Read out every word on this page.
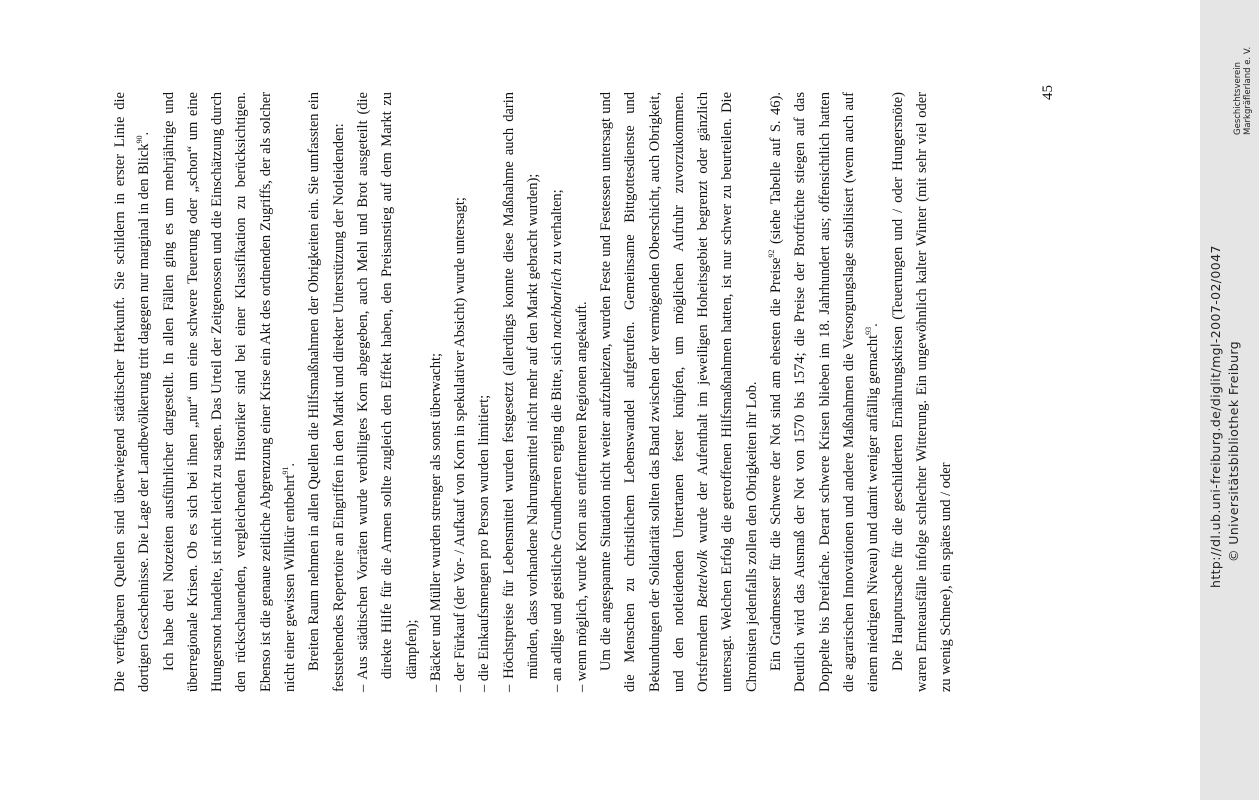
Die verfügbaren Quellen sind überwiegend städtischer Herkunft. Sie schildern in erster Linie die dortigen Geschehnisse. Die Lage der Landbevölkerung tritt dagegen nur marginal in den Blick$^{90}$. Ich habe drei Notzeiten ausführlicher dargestellt. In allen Fällen ging es um mehrjährige und überregionale Krisen. Ob es sich bei ihnen „nur“ um eine schwere Teuerung oder „schon“ um eine Hungersnot handelte, ist nicht leicht zu sagen. Das Urteil der Zeitgenossen und die Einschätzung durch den rückschauenden, vergleichenden Historiker sind bei einer Klassifikation zu berücksichtigen. Ebenso ist die genaue zeitliche Abgrenzung einer Krise ein Akt des ordnenden Zugriffs, der als solcher nicht einer gewissen Willkür entbehrt$^{91}$. Breiten Raum nehmen in allen Quellen die Hilfsmaßnahmen der Obrigkeiten ein. Sie umfassten ein feststehendes Repertoire an Eingriffen in den Markt und direkter Unterstützung der Notleidenden: – Aus städtischen Vorräten wurde verbilligtes Korn abgegeben, auch Mehl und Brot ausgeteilt (die direkte Hilfe für die Armen sollte zugleich den Effekt haben, den Preisanstieg auf dem Markt zu dämpfen); – Bäcker und Müller wurden strenger als sonst überwacht; – der Fürkauf (der Vor- / Aufkauf von Korn in spekulativer Absicht) wurde untersagt; – die Einkaufsmengen pro Person wurden limitiert; – Höchstpreise für Lebensmittel wurden festgesetzt (allerdings konnte diese Maßnahme auch darin münden, dass vorhandene Nahrungsmittel nicht mehr auf den Markt gebracht wurden); – an adlige und geistliche Grundherren erging die Bitte, sich nachbarlich zu verhalten;

– wenn möglich, wurde Korn aus entfernteren Regionen angekauft. Um die angespannte Situation nicht weiter aufzuheizen, wurden Feste und Festessen untersagt und die Menschen zu christlichem Lebenswandel aufgerufen. Gemeinsame Bittgottesdienste und Bekundungen der Solidarität sollten das Band zwischen der vermögenden Oberschicht, auch Obrigkeit, und den notleidenden Untertanen fester knüpfen, um möglichen Aufruhr zuvorzukommen. Ortsfremdem Bettelvolk wurde der Aufenthalt im jeweiligen Hoheitsgebiet begrenzt oder gänzlich untersagt. Welchen Erfolg die getroffenen Hilfsmaßnahmen hatten, ist nur schwer zu beurteilen. Die Chronisten jedenfalls zollen den Obrigkeiten ihr Lob. Ein Gradmesser für die Schwere der Not sind am ehesten die Preise$^{92}$ (siehe Tabelle auf S. 46). Deutlich wird das Ausmaß der Not von 1570 bis 1574; die Preise der Brotfrüchte stiegen auf das Doppelte bis Dreifache. Derart schwere Krisen blieben im 18. Jahrhundert aus; offensichtlich hatten die agrarischen Innovationen und andere Maßnahmen die Versorgungslage stabilisiert (wenn auch auf einem niedrigen Niveau) und damit weniger anfällig gemacht$^{93}$. Die Hauptursache für die geschilderten Ernährungskrisen (Teuerungen und / oder Hungersnöte) waren Ernteausfälle infolge schlechter Witterung. Ein ungewöhnlich kalter Winter (mit sehr viel oder zu wenig Schnee), ein spätes und / oder

45
http://dl.ub.uni-freiburg.de/diglit/mgl-2007-02/0047 © Universitätsbibliothek Freiburg
Geschichtsverein Markgräflerland e. V.
